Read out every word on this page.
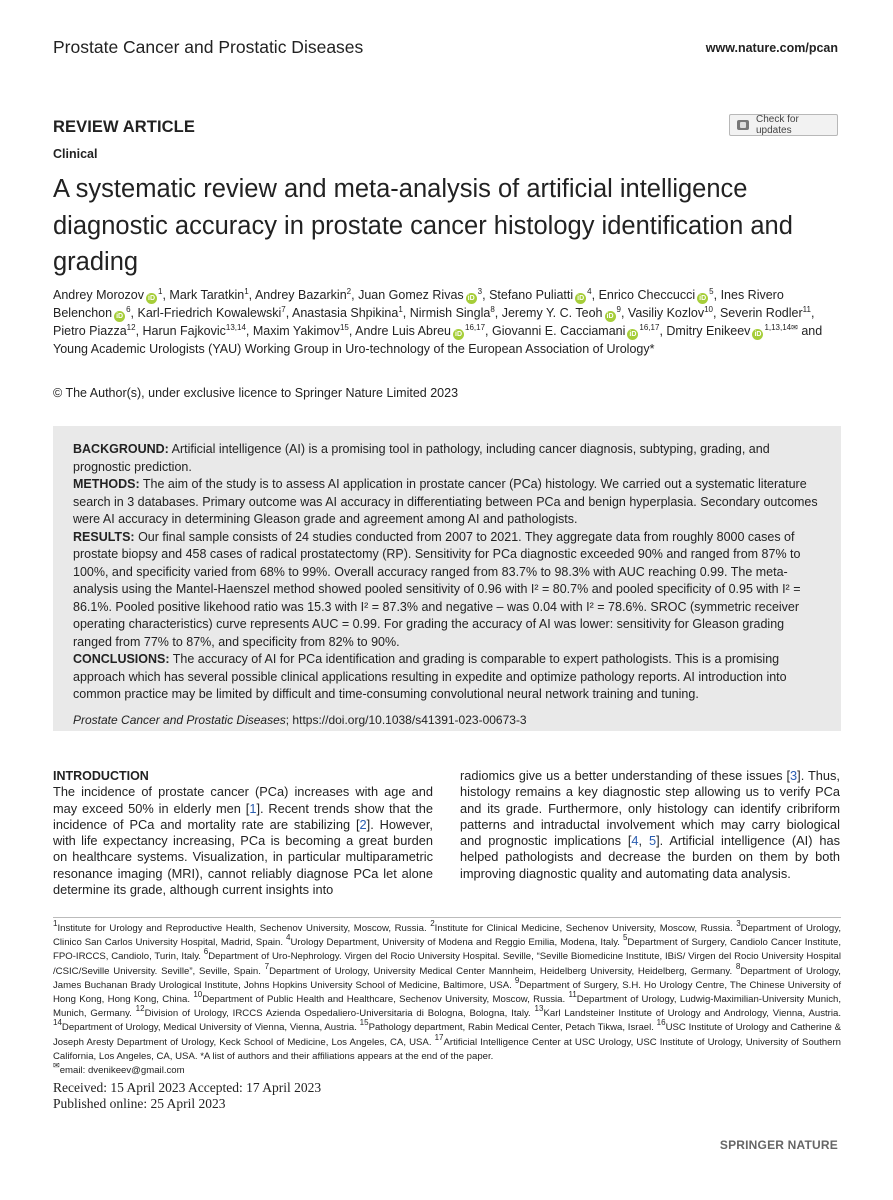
Prostate Cancer and Prostatic Diseases	www.nature.com/pcan
REVIEW ARTICLE	Check for updates
Clinical
A systematic review and meta-analysis of artificial intelligence diagnostic accuracy in prostate cancer histology identification and grading
Andrey Morozov $iD^1$, Mark Taratkin$^1$, Andrey Bazarkin$^2$, Juan Gomez Rivas $iD^3$, Stefano Puliatti $iD^4$, Enrico Checcucci $iD^5$, Ines Rivero Belenchon $iD^6$, Karl-Friedrich Kowalewski$^7$, Anastasia Shpikina$^1$, Nirmish Singla$^8$, Jeremy Y. C. Teoh $iD^9$, Vasiliy Kozlov$^{10}$, Severin Rodler$^{11}$, Pietro Piazza$^{12}$, Harun Fajkovic$^{13,14}$, Maxim Yakimov$^{15}$, Andre Luis Abreu iD$^{16,17}$, Giovanni E. Cacciamani iD$^{16,17}$, Dmitry Enikeev $iD^{1,13,14✉}$ and Young Academic Urologists (YAU) Working Group in Uro-technology of the European Association of Urology*
© The Author(s), under exclusive licence to Springer Nature Limited 2023

BACKGROUND: Artificial intelligence (AI) is a promising tool in pathology, including cancer diagnosis, subtyping, grading, and prognostic prediction.

METHODS: The aim of the study is to assess AI application in prostate cancer (PCa) histology. We carried out a systematic literature search in 3 databases. Primary outcome was AI accuracy in differentiating between PCa and benign hyperplasia. Secondary outcomes were AI accuracy in determining Gleason grade and agreement among AI and pathologists.

RESULTS: Our final sample consists of 24 studies conducted from 2007 to 2021. They aggregate data from roughly 8000 cases of prostate biopsy and 458 cases of radical prostatectomy (RP). Sensitivity for PCa diagnostic exceeded 90% and ranged from 87% to 100%, and specificity varied from 68% to 99%. Overall accuracy ranged from 83.7% to 98.3% with AUC reaching 0.99. The meta-analysis using the Mantel-Haenszel method showed pooled sensitivity of 0.96 with I² = 80.7% and pooled specificity of 0.95 with I² = 86.1%. Pooled positive likehood ratio was 15.3 with I² = 87.3% and negative – was 0.04 with I² = 78.6%. SROC (symmetric receiver operating characteristics) curve represents AUC = 0.99. For grading the accuracy of AI was lower: sensitivity for Gleason grading ranged from 77% to 87%, and specificity from 82% to 90%.

CONCLUSIONS: The accuracy of AI for PCa identification and grading is comparable to expert pathologists. This is a promising approach which has several possible clinical applications resulting in expedite and optimize pathology reports. AI introduction into common practice may be limited by difficult and time-consuming convolutional neural network training and tuning.

Prostate Cancer and Prostatic Diseases; https://doi.org/10.1038/s41391-023-00673-3

INTRODUCTION
The incidence of prostate cancer (PCa) increases with age and may exceed 50% in elderly men [1]. Recent trends show that the incidence of PCa and mortality rate are stabilizing [2]. However, with life expectancy increasing, PCa is becoming a great burden on healthcare systems. Visualization, in particular multiparametric resonance imaging (MRI), cannot reliably diagnose PCa let alone determine its grade, although current insights into
radiomics give us a better understanding of these issues [3]. Thus, histology remains a key diagnostic step allowing us to verify PCa and its grade. Furthermore, only histology can identify cribriform patterns and intraductal involvement which may carry biological and prognostic implications [4, 5]. Artificial intelligence (AI) has helped pathologists and decrease the burden on them by both improving diagnostic quality and automating data analysis.
$^1$Institute for Urology and Reproductive Health, Sechenov University, Moscow, Russia. $^2$Institute for Clinical Medicine, Sechenov University, Moscow, Russia. $^3$Department of Urology, Clinico San Carlos University Hospital, Madrid, Spain. $^4$Urology Department, University of Modena and Reggio Emilia, Modena, Italy. $^5$Department of Surgery, Candiolo Cancer Institute, FPO-IRCCS, Candiolo, Turin, Italy. $^6$Department of Uro-Nephrology. Virgen del Rocio University Hospital. Seville, “Seville Biomedicine Institute, IBiS/ Virgen del Rocio University Hospital /CSIC/Seville University. Seville”, Seville, Spain. $^7$Department of Urology, University Medical Center Mannheim, Heidelberg University, Heidelberg, Germany. $^8$Department of Urology, James Buchanan Brady Urological Institute, Johns Hopkins University School of Medicine, Baltimore, USA. $^9$Department of Surgery, S.H. Ho Urology Centre, The Chinese University of Hong Kong, Hong Kong, China. $^{10}$Department of Public Health and Healthcare, Sechenov University, Moscow, Russia. $^{11}$Department of Urology, Ludwig-Maximilian-University Munich, Munich, Germany. $^{12}$Division of Urology, IRCCS Azienda Ospedaliero-Universitaria di Bologna, Bologna, Italy. $^{13}$Karl Landsteiner Institute of Urology and Andrology, Vienna, Austria. $^{14}$Department of Urology, Medical University of Vienna, Vienna, Austria. $^{15}$Pathology department, Rabin Medical Center, Petach Tikwa, Israel. $^{16}$USC Institute of Urology and Catherine & Joseph Aresty Department of Urology, Keck School of Medicine, Los Angeles, CA, USA. $^{17}$Artificial Intelligence Center at USC Urology, USC Institute of Urology, University of Southern California, Los Angeles, CA, USA. *A list of authors and their affiliations appears at the end of the paper.
✉email: dvenikeev@gmail.com
Received: 15 April 2023 Accepted: 17 April 2023
Published online: 25 April 2023
SPRINGER NATURE
